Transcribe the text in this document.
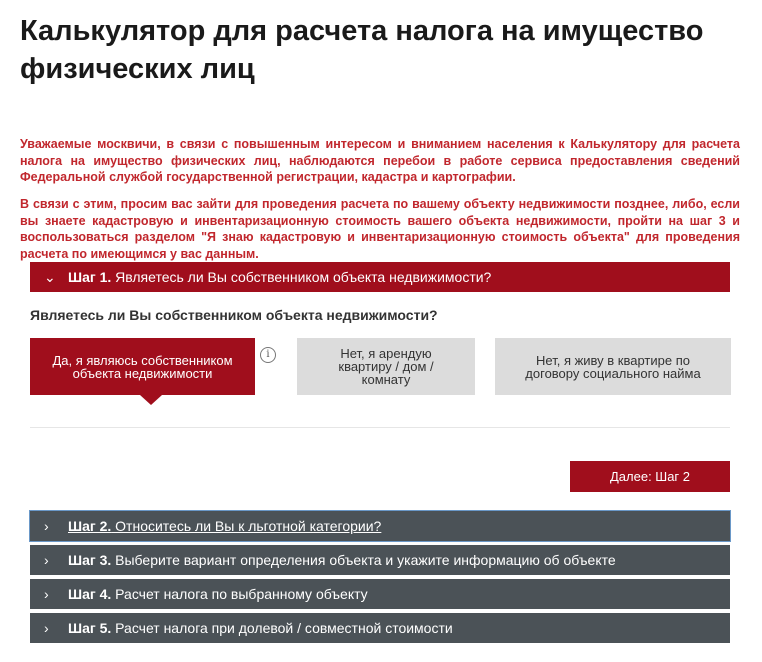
Калькулятор для расчета налога на имущество физических лиц
Уважаемые москвичи, в связи с повышенным интересом и вниманием населения к Калькулятору для расчета налога на имущество физических лиц, наблюдаются перебои в работе сервиса предоставления сведений Федеральной службой государственной регистрации, кадастра и картографии.
В связи с этим, просим вас зайти для проведения расчета по вашему объекту недвижимости позднее, либо, если вы знаете кадастровую и инвентаризационную стоимость вашего объекта недвижимости, пройти на шаг 3 и воспользоваться разделом "Я знаю кадастровую и инвентаризационную стоимость объекта" для проведения расчета по имеющимся у вас данным.
⌄ Шаг 1. Являетесь ли Вы собственником объекта недвижимости?
Являетесь ли Вы собственником объекта недвижимости?
Да, я являюсь собственником объекта недвижимости
i	Нет, я арендую квартиру / дом / комнату
Нет, я живу в квартире по договору социального найма
Далее: Шаг 2
› Шаг 2. Относитесь ли Вы к льготной категории?
› Шаг 3. Выберите вариант определения объекта и укажите информацию об объекте
› Шаг 4. Расчет налога по выбранному объекту
› Шаг 5. Расчет налога при долевой / совместной стоимости
